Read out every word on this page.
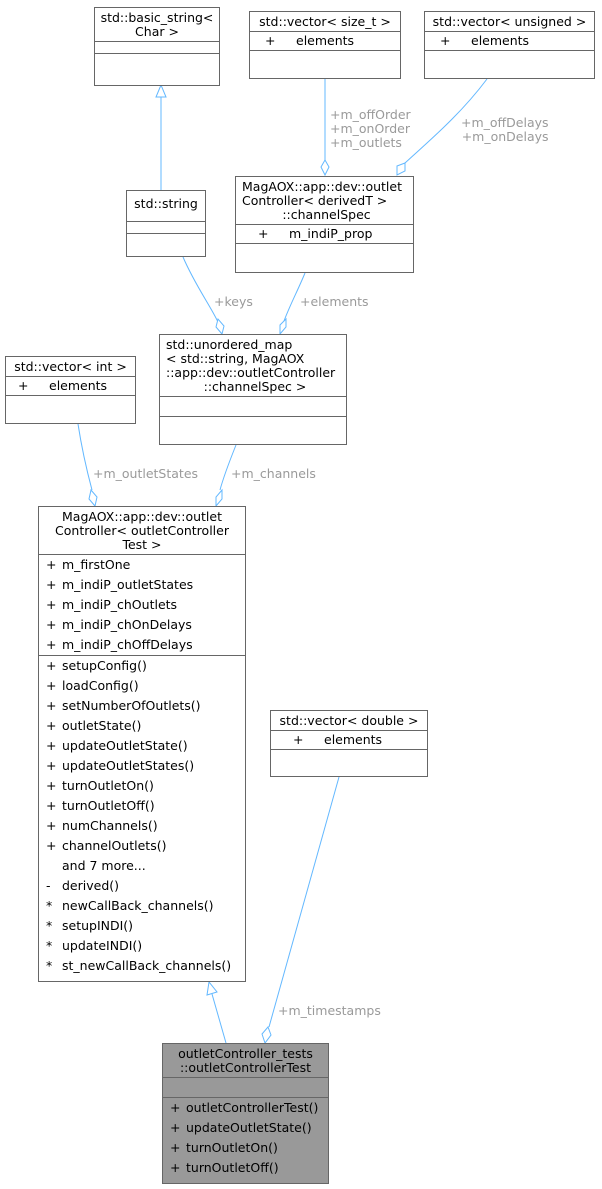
std::basic_string<
Char >
std::vector< size_t >
+ elements
std::vector< unsigned >
+ elements
std::string
MagAOX::app::dev::outlet
Controller< derivedT >
::channelSpec
+ m_indiP_prop
std::vector< int >
+ elements
std::unordered_map
< std::string, MagAOX
::app::dev::outletController
::channelSpec >
MagAOX::app::dev::outlet
Controller< outletController
Test >
+ m_firstOne
+ m_indiP_outletStates
+ m_indiP_chOutlets
+ m_indiP_chOnDelays
+ m_indiP_chOffDelays
+ setupConfig()
+ loadConfig()
+ setNumberOfOutlets()
+ outletState()
+ updateOutletState()
+ updateOutletStates()
+ turnOutletOn()
+ turnOutletOff()
+ numChannels()
+ channelOutlets()
and 7 more...
- derived()
* newCallBack_channels()
* setupINDI()
* updateINDI()
* st_newCallBack_channels()
std::vector< double >
+ elements
outletController_tests
::outletControllerTest
+ outletControllerTest()
+ updateOutletState()
+ turnOutletOn()
+ turnOutletOff()
+m_offOrder
+m_onOrder
+m_outlets
+m_offDelays
+m_onDelays
+keys	+elements
+m_outletStates	+m_channels
+m_timestamps
